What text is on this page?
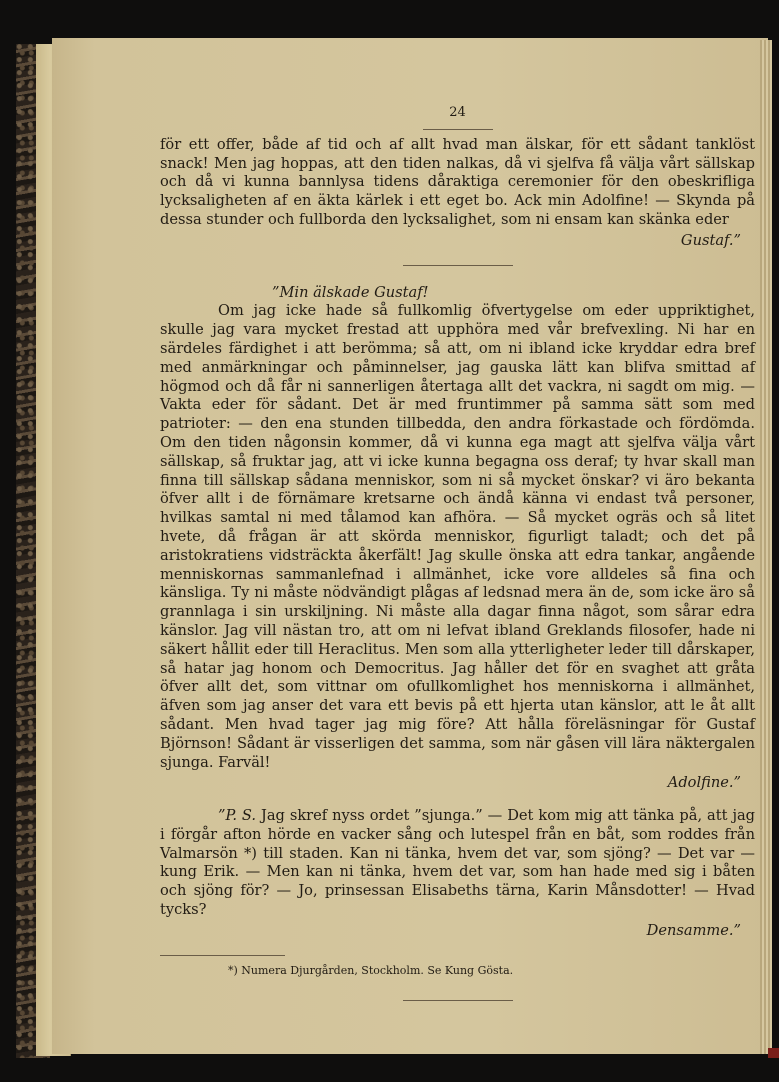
24

för ett offer, både af tid och af allt hvad man älskar, för ett sådant tanklöst snack! Men jag hoppas, att den tiden nalkas, då vi sjelfva få välja vårt sällskap och då vi kunna bannlysa tidens dåraktiga ceremonier för den obeskrifliga lycksaligheten af en äkta kärlek i ett eget bo. Ack min Adolfine! — Skynda på dessa stunder och fullborda den lycksalighet, som ni ensam kan skänka eder

Gustaf.”
”Min älskade Gustaf!

Om jag icke hade så fullkomlig öfvertygelse om eder uppriktighet, skulle jag vara mycket frestad att upphöra med vår brefvexling. Ni har en särdeles färdighet i att berömma; så att, om ni ibland icke kryddar edra bref med anmärkningar och påminnelser, jag gauska lätt kan blifva smittad af högmod och då får ni sannerligen återtaga allt det vackra, ni sagdt om mig. — Vakta eder för sådant. Det är med fruntimmer på samma sätt som med patrioter: — den ena stunden tillbedda, den andra förkastade och fördömda. Om den tiden någonsin kommer, då vi kunna ega magt att sjelfva välja vårt sällskap, så fruktar jag, att vi icke kunna begagna oss deraf; ty hvar skall man finna till sällskap sådana menniskor, som ni så mycket önskar? vi äro bekanta öfver allt i de förnämare kretsarne och ändå känna vi endast två personer, hvilkas samtal ni med tålamod kan afhöra. — Så mycket ogräs och så litet hvete, då frågan är att skörda menniskor, figurligt taladt; och det på aristokratiens vidsträckta åkerfält! Jag skulle önska att edra tankar, angående menniskornas sammanlefnad i allmänhet, icke vore alldeles så fina och känsliga. Ty ni måste nödvändigt plågas af ledsnad mera än de, som icke äro så grannlaga i sin urskiljning. Ni måste alla dagar finna något, som sårar edra känslor. Jag vill nästan tro, att om ni lefvat ibland Greklands filosofer, hade ni säkert hållit eder till Heraclitus. Men som alla ytterligheter leder till dårskaper, så hatar jag honom och Democritus. Jag håller det för en svaghet att gråta öfver allt det, som vittnar om ofullkomlighet hos menniskorna i allmänhet, äfven som jag anser det vara ett bevis på ett hjerta utan känslor, att le åt allt sådant. Men hvad tager jag mig före? Att hålla föreläsningar för Gustaf Björnson! Sådant är visserligen det samma, som när gåsen vill lära näktergalen sjunga. Farväl!

Adolfine.”

”P. S. Jag skref nyss ordet ”sjunga.” — Det kom mig att tänka på, att jag i förgår afton hörde en vacker sång och lutespel från en båt, som roddes från Valmarsön *) till staden. Kan ni tänka, hvem det var, som sjöng? — Det var — kung Erik. — Men kan ni tänka, hvem det var, som han hade med sig i båten och sjöng för? — Jo, prinsessan Elisabeths tärna, Karin Månsdotter! — Hvad tycks?

Densamme.”
*) Numera Djurgården, Stockholm. Se Kung Gösta.
